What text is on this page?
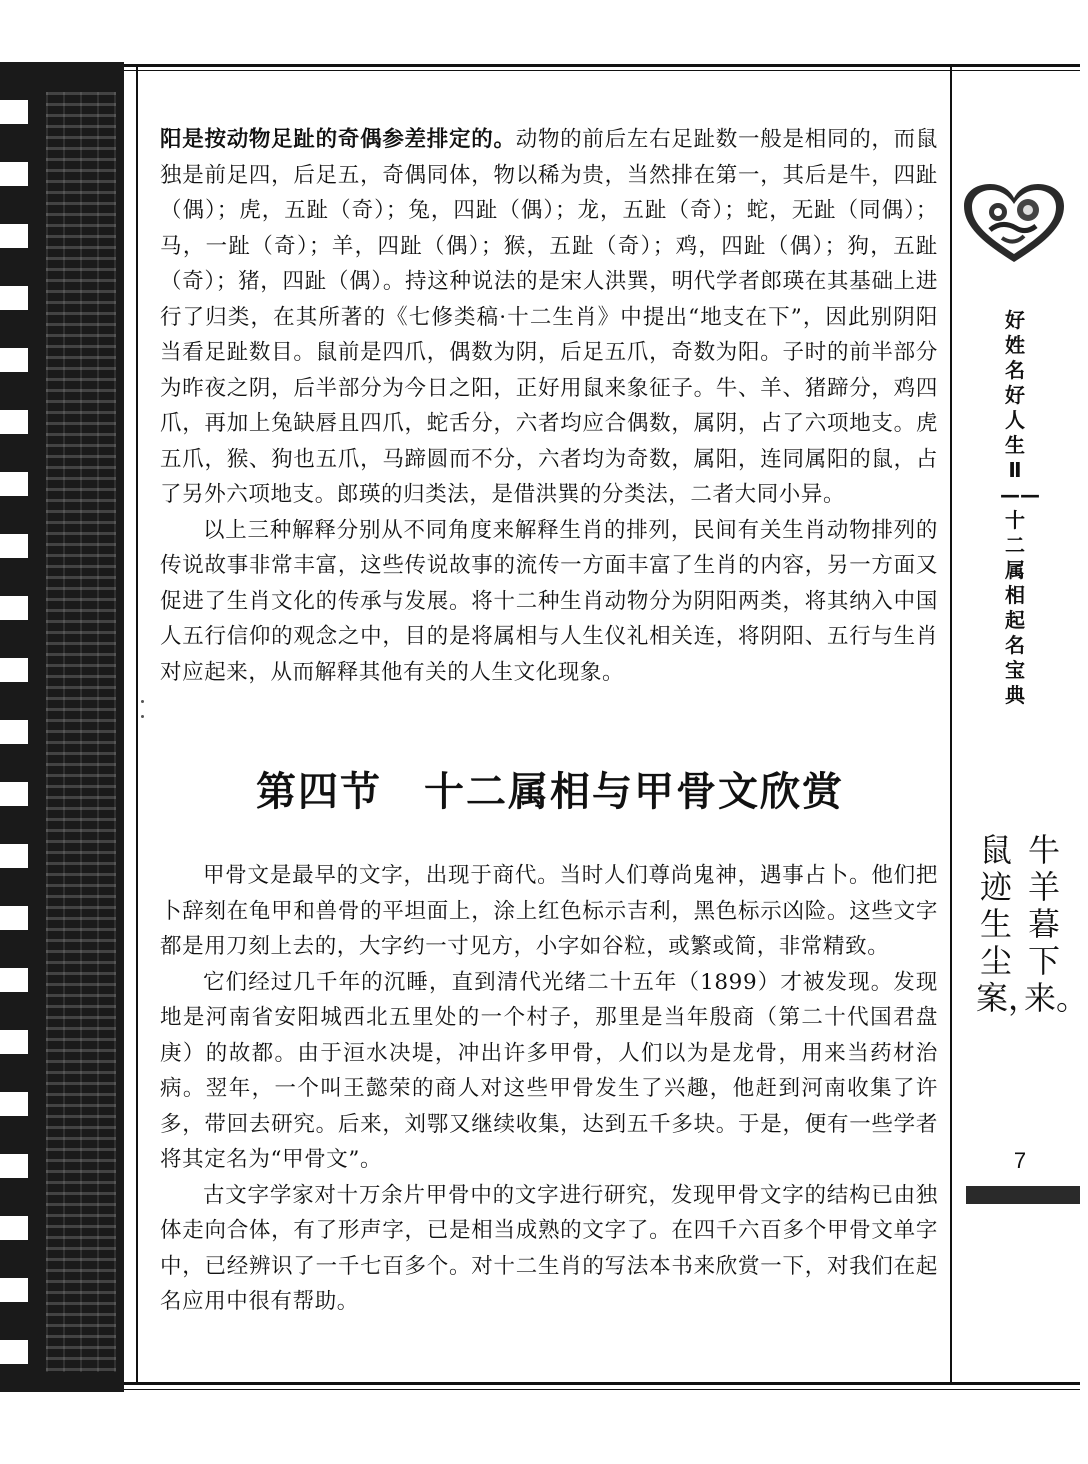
阳是按动物足趾的奇偶参差排定的。动物的前后左右足趾数一般是相同的，而鼠独是前足四，后足五，奇偶同体，物以稀为贵，当然排在第一，其后是牛，四趾（偶）；虎，五趾（奇）；兔，四趾（偶）；龙，五趾（奇）；蛇，无趾（同偶）；马，一趾（奇）；羊，四趾（偶）；猴，五趾（奇）；鸡，四趾（偶）；狗，五趾（奇）；猪，四趾（偶）。持这种说法的是宋人洪巽，明代学者郎瑛在其基础上进行了归类，在其所著的《七修类稿·十二生肖》中提出“地支在下”，因此别阴阳当看足趾数目。鼠前是四爪，偶数为阴，后足五爪，奇数为阳。子时的前半部分为昨夜之阴，后半部分为今日之阳，正好用鼠来象征子。牛、羊、猪蹄分，鸡四爪，再加上兔缺唇且四爪，蛇舌分，六者均应合偶数，属阴，占了六项地支。虎五爪，猴、狗也五爪，马蹄圆而不分，六者均为奇数，属阳，连同属阳的鼠，占了另外六项地支。郎瑛的归类法，是借洪巽的分类法，二者大同小异。

以上三种解释分别从不同角度来解释生肖的排列，民间有关生肖动物排列的传说故事非常丰富，这些传说故事的流传一方面丰富了生肖的内容，另一方面又促进了生肖文化的传承与发展。将十二种生肖动物分为阴阳两类，将其纳入中国人五行信仰的观念之中，目的是将属相与人生仪礼相关连，将阴阳、五行与生肖对应起来，从而解释其他有关的人生文化现象。

第四节　十二属相与甲骨文欣赏

甲骨文是最早的文字，出现于商代。当时人们尊尚鬼神，遇事占卜。他们把卜辞刻在龟甲和兽骨的平坦面上，涂上红色标示吉利，黑色标示凶险。这些文字都是用刀刻上去的，大字约一寸见方，小字如谷粒，或繁或简，非常精致。

它们经过几千年的沉睡，直到清代光绪二十五年（1899）才被发现。发现地是河南省安阳城西北五里处的一个村子，那里是当年殷商（第二十代国君盘庚）的故都。由于洹水决堤，冲出许多甲骨，人们以为是龙骨，用来当药材治病。翌年，一个叫王懿荣的商人对这些甲骨发生了兴趣，他赶到河南收集了许多，带回去研究。后来，刘鄂又继续收集，达到五千多块。于是，便有一些学者将其定名为“甲骨文”。

古文字学家对十万余片甲骨中的文字进行研究，发现甲骨文字的结构已由独体走向合体，有了形声字，已是相当成熟的文字了。在四千六百多个甲骨文单字中，已经辨识了一千七百多个。对十二生肖的写法本书来欣赏一下，对我们在起名应用中很有帮助。

好姓名好人生Ⅱ——十二属相起名宝典
牛羊暮下来。
鼠迹生尘案，
7
